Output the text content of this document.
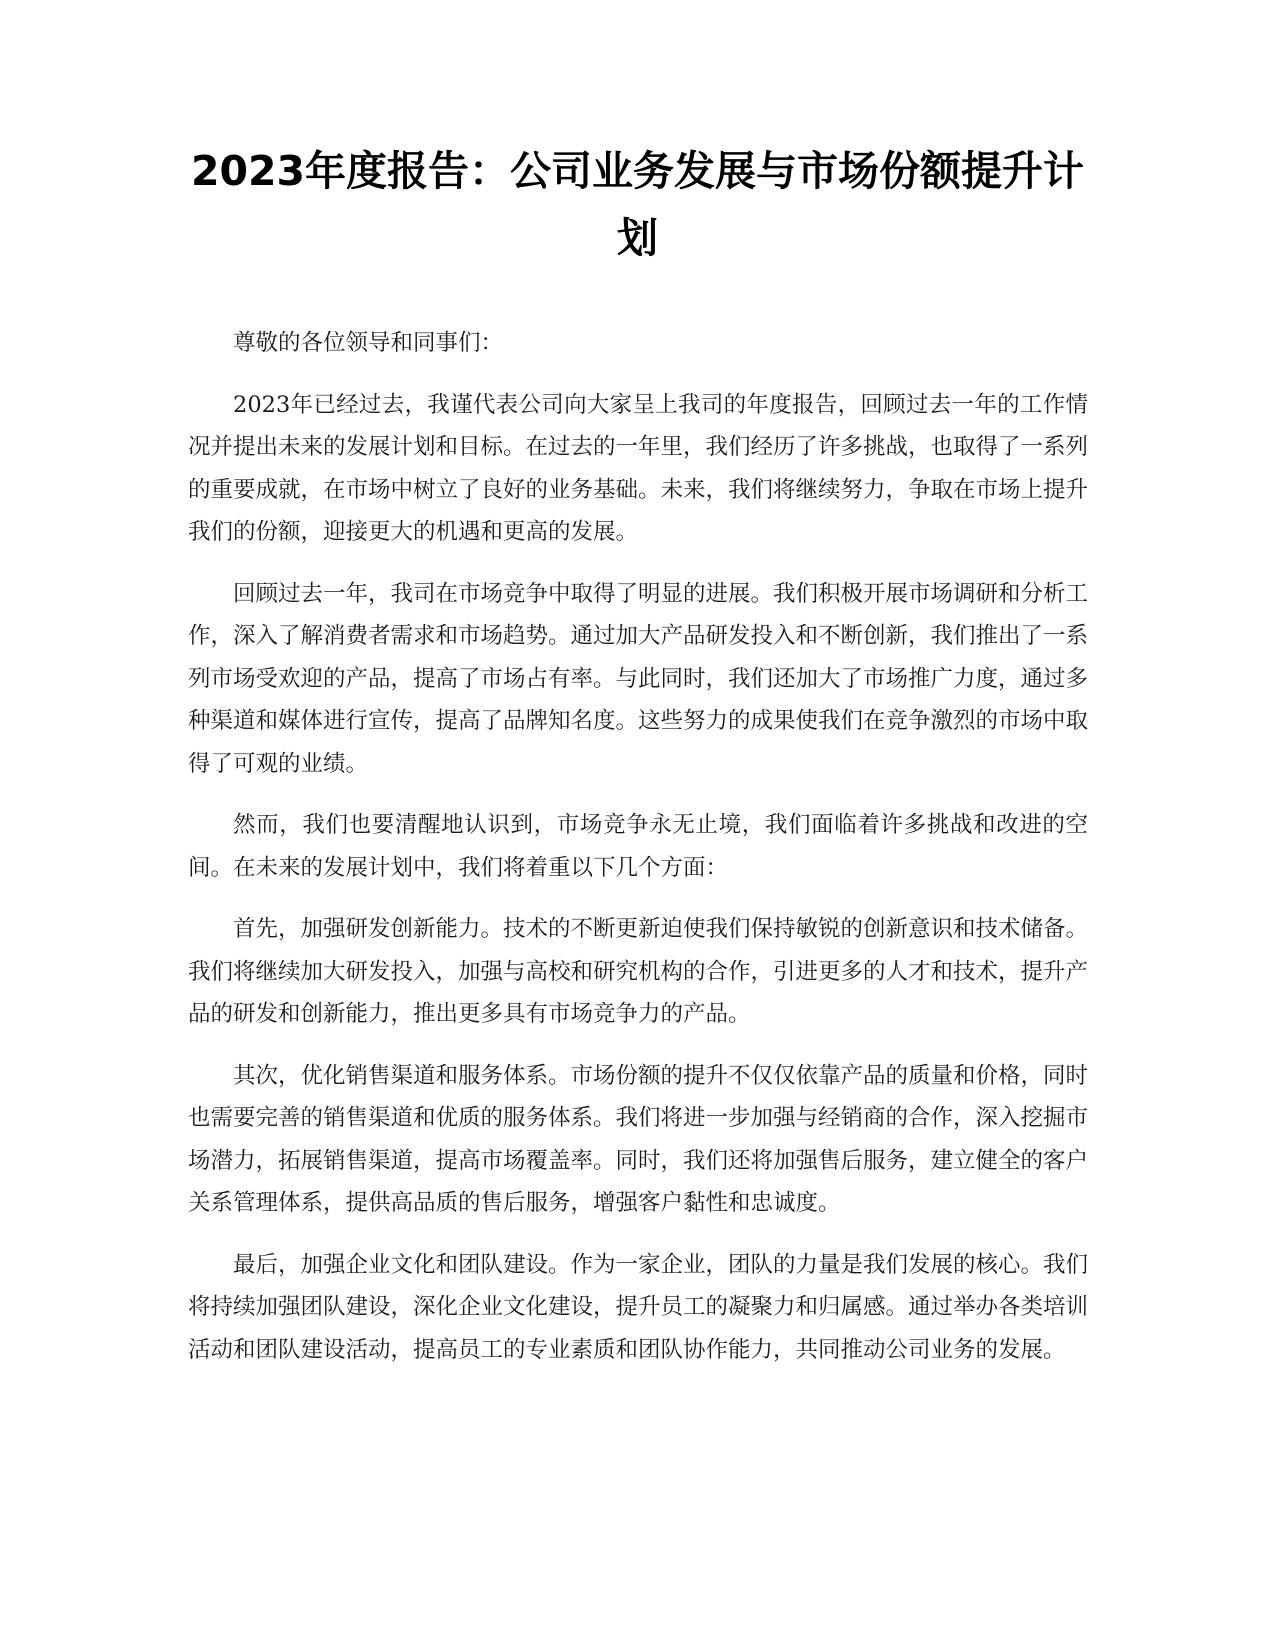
2023年度报告：公司业务发展与市场份额提升计划

尊敬的各位领导和同事们：

2023年已经过去，我谨代表公司向大家呈上我司的年度报告，回顾过去一年的工作情况并提出未来的发展计划和目标。在过去的一年里，我们经历了许多挑战，也取得了一系列的重要成就，在市场中树立了良好的业务基础。未来，我们将继续努力，争取在市场上提升我们的份额，迎接更大的机遇和更高的发展。

回顾过去一年，我司在市场竞争中取得了明显的进展。我们积极开展市场调研和分析工作，深入了解消费者需求和市场趋势。通过加大产品研发投入和不断创新，我们推出了一系列市场受欢迎的产品，提高了市场占有率。与此同时，我们还加大了市场推广力度，通过多种渠道和媒体进行宣传，提高了品牌知名度。这些努力的成果使我们在竞争激烈的市场中取得了可观的业绩。

然而，我们也要清醒地认识到，市场竞争永无止境，我们面临着许多挑战和改进的空间。在未来的发展计划中，我们将着重以下几个方面：

首先，加强研发创新能力。技术的不断更新迫使我们保持敏锐的创新意识和技术储备。我们将继续加大研发投入，加强与高校和研究机构的合作，引进更多的人才和技术，提升产品的研发和创新能力，推出更多具有市场竞争力的产品。

其次，优化销售渠道和服务体系。市场份额的提升不仅仅依靠产品的质量和价格，同时也需要完善的销售渠道和优质的服务体系。我们将进一步加强与经销商的合作，深入挖掘市场潜力，拓展销售渠道，提高市场覆盖率。同时，我们还将加强售后服务，建立健全的客户关系管理体系，提供高品质的售后服务，增强客户黏性和忠诚度。

最后，加强企业文化和团队建设。作为一家企业，团队的力量是我们发展的核心。我们将持续加强团队建设，深化企业文化建设，提升员工的凝聚力和归属感。通过举办各类培训活动和团队建设活动，提高员工的专业素质和团队协作能力，共同推动公司业务的发展。
